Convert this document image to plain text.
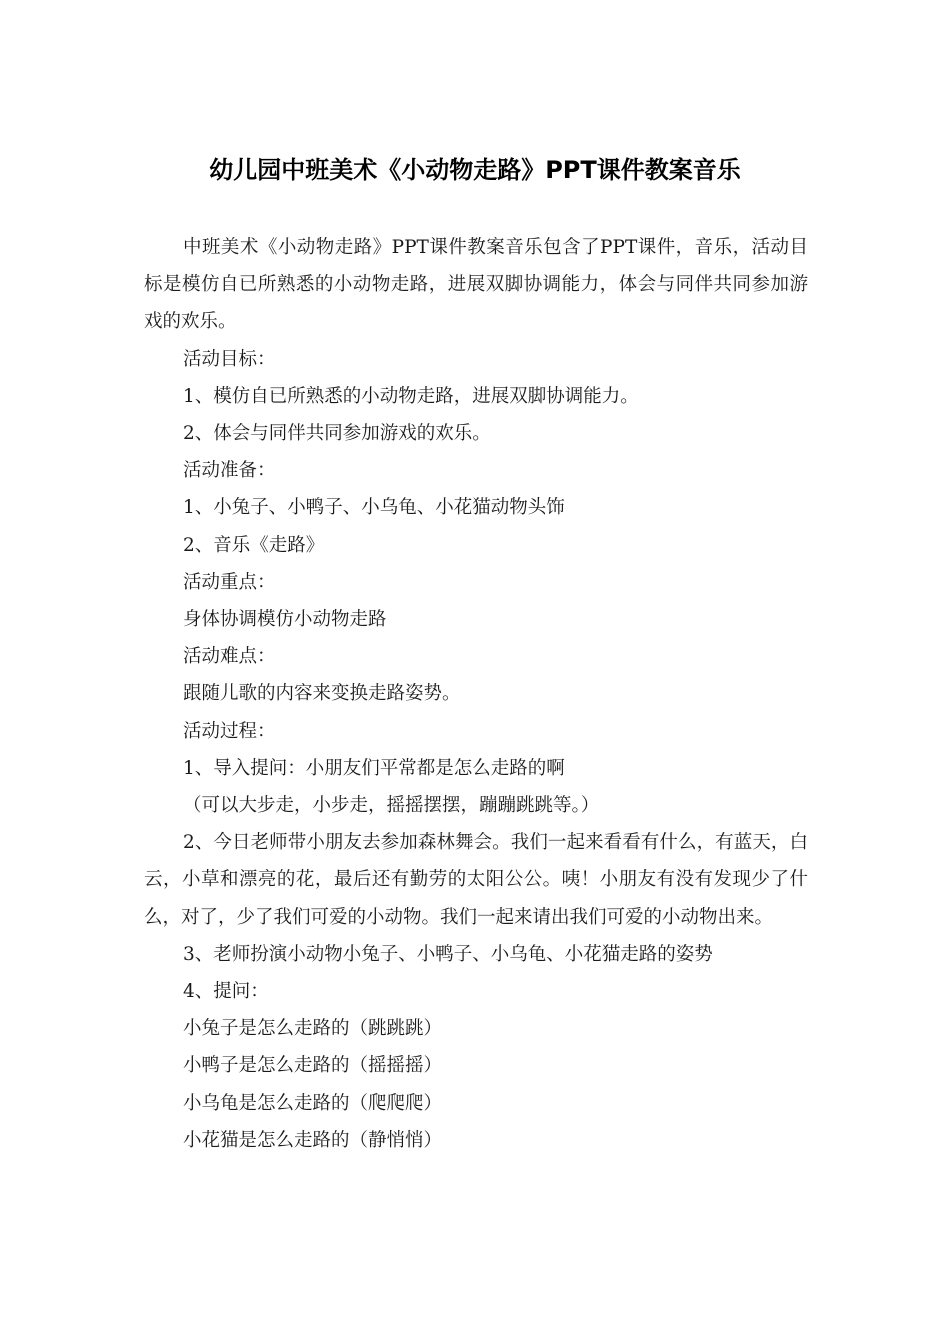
幼儿园中班美术《小动物走路》PPT课件教案音乐

中班美术《小动物走路》PPT课件教案音乐包含了PPT课件，音乐，活动目标是模仿自已所熟悉的小动物走路，进展双脚协调能力，体会与同伴共同参加游戏的欢乐。

活动目标：

1、模仿自已所熟悉的小动物走路，进展双脚协调能力。

2、体会与同伴共同参加游戏的欢乐。

活动准备：

1、小兔子、小鸭子、小乌龟、小花猫动物头饰

2、音乐《走路》

活动重点：

身体协调模仿小动物走路

活动难点：

跟随儿歌的内容来变换走路姿势。

活动过程：

1、导入提问：小朋友们平常都是怎么走路的啊

（可以大步走，小步走，摇摇摆摆，蹦蹦跳跳等。）

2、今日老师带小朋友去参加森林舞会。我们一起来看看有什么，有蓝天，白云，小草和漂亮的花，最后还有勤劳的太阳公公。咦！小朋友有没有发现少了什么，对了，少了我们可爱的小动物。我们一起来请出我们可爱的小动物出来。

3、老师扮演小动物小兔子、小鸭子、小乌龟、小花猫走路的姿势

4、提问：

小兔子是怎么走路的（跳跳跳）

小鸭子是怎么走路的（摇摇摇）

小乌龟是怎么走路的（爬爬爬）

小花猫是怎么走路的（静悄悄）
